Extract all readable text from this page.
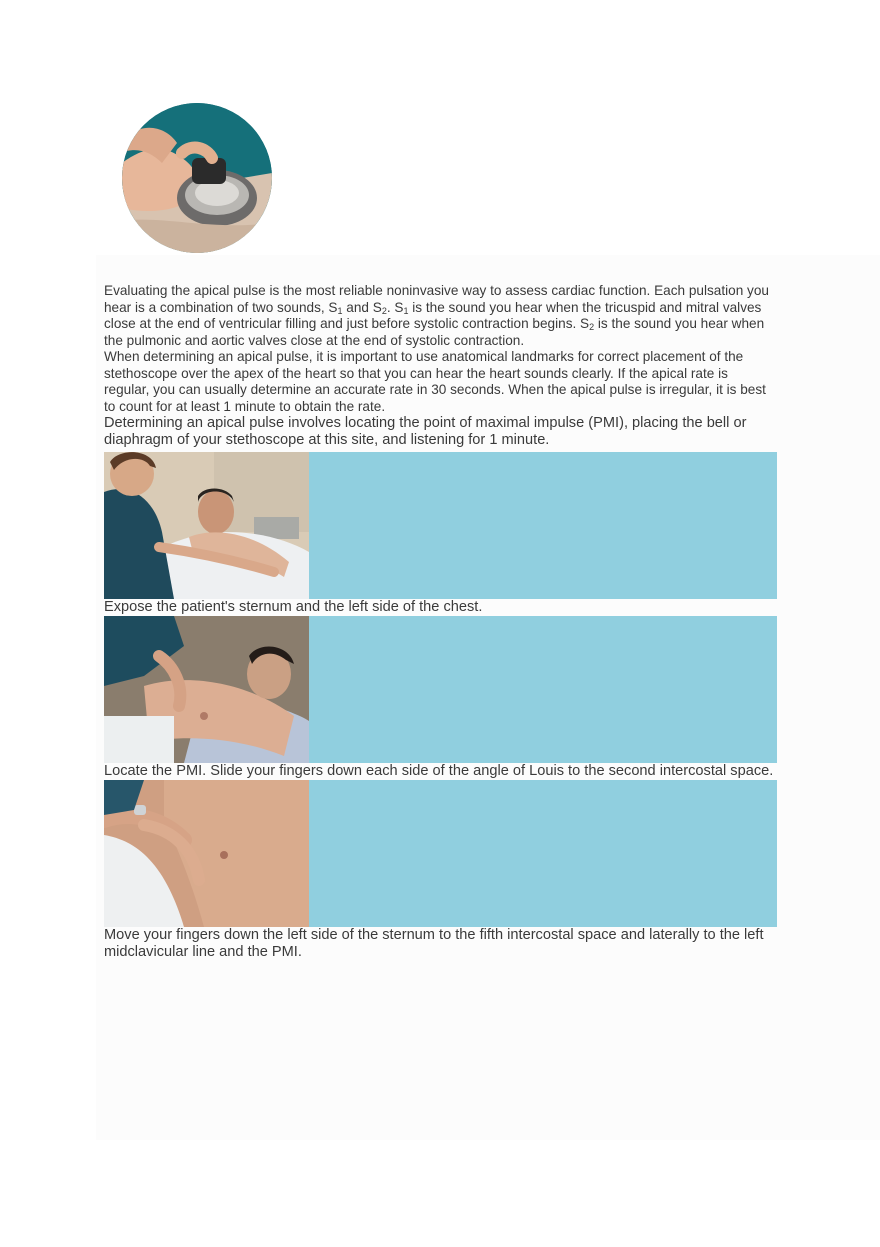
Evaluating the apical pulse is the most reliable noninvasive way to assess cardiac function. Each pulsation you hear is a combination of two sounds, $S_1$ and $S_2$. $S_1$ is the sound you hear when the tricuspid and mitral valves close at the end of ventricular filling and just before systolic contraction begins. $S_2$ is the sound you hear when the pulmonic and aortic valves close at the end of systolic contraction.

When determining an apical pulse, it is important to use anatomical landmarks for correct placement of the stethoscope over the apex of the heart so that you can hear the heart sounds clearly. If the apical rate is regular, you can usually determine an accurate rate in 30 seconds. When the apical pulse is irregular, it is best to count for at least 1 minute to obtain the rate.

Determining an apical pulse involves locating the point of maximal impulse (PMI), placing the bell or diaphragm of your stethoscope at this site, and listening for 1 minute.

Expose the patient's sternum and the left side of the chest.

Locate the PMI. Slide your fingers down each side of the angle of Louis to the second intercostal space.

Move your fingers down the left side of the sternum to the fifth intercostal space and laterally to the left midclavicular line and the PMI.
